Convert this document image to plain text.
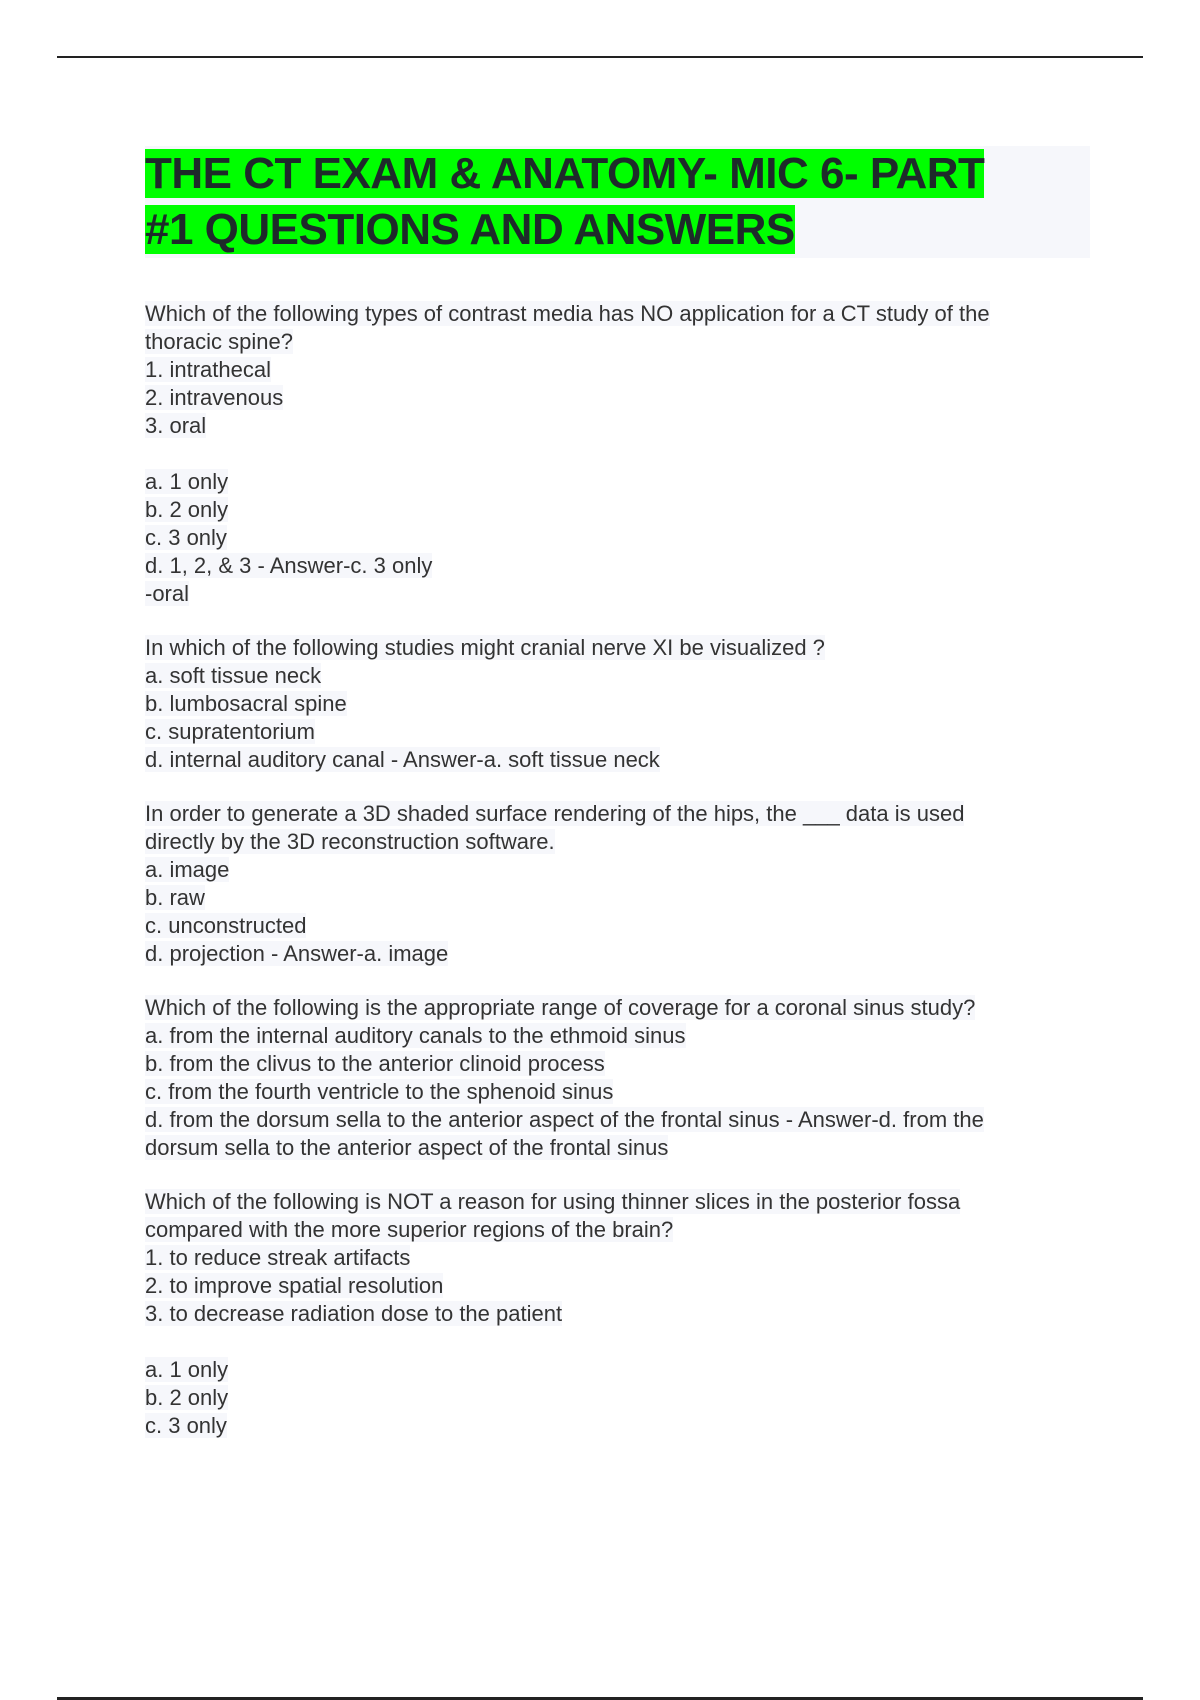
THE CT EXAM & ANATOMY- MIC 6- PART
#1 QUESTIONS AND ANSWERS
Which of the following types of contrast media has NO application for a CT study of the
thoracic spine?
1. intrathecal
2. intravenous
3. oral
a. 1 only
b. 2 only
c. 3 only
d. 1, 2, & 3 - Answer-c. 3 only
-oral
In which of the following studies might cranial nerve XI be visualized ?
a. soft tissue neck
b. lumbosacral spine
c. supratentorium
d. internal auditory canal - Answer-a. soft tissue neck
In order to generate a 3D shaded surface rendering of the hips, the ___ data is used
directly by the 3D reconstruction software.
a. image
b. raw
c. unconstructed
d. projection - Answer-a. image
Which of the following is the appropriate range of coverage for a coronal sinus study?
a. from the internal auditory canals to the ethmoid sinus
b. from the clivus to the anterior clinoid process
c. from the fourth ventricle to the sphenoid sinus
d. from the dorsum sella to the anterior aspect of the frontal sinus - Answer-d. from the
dorsum sella to the anterior aspect of the frontal sinus
Which of the following is NOT a reason for using thinner slices in the posterior fossa
compared with the more superior regions of the brain?
1. to reduce streak artifacts
2. to improve spatial resolution
3. to decrease radiation dose to the patient
a. 1 only
b. 2 only
c. 3 only
